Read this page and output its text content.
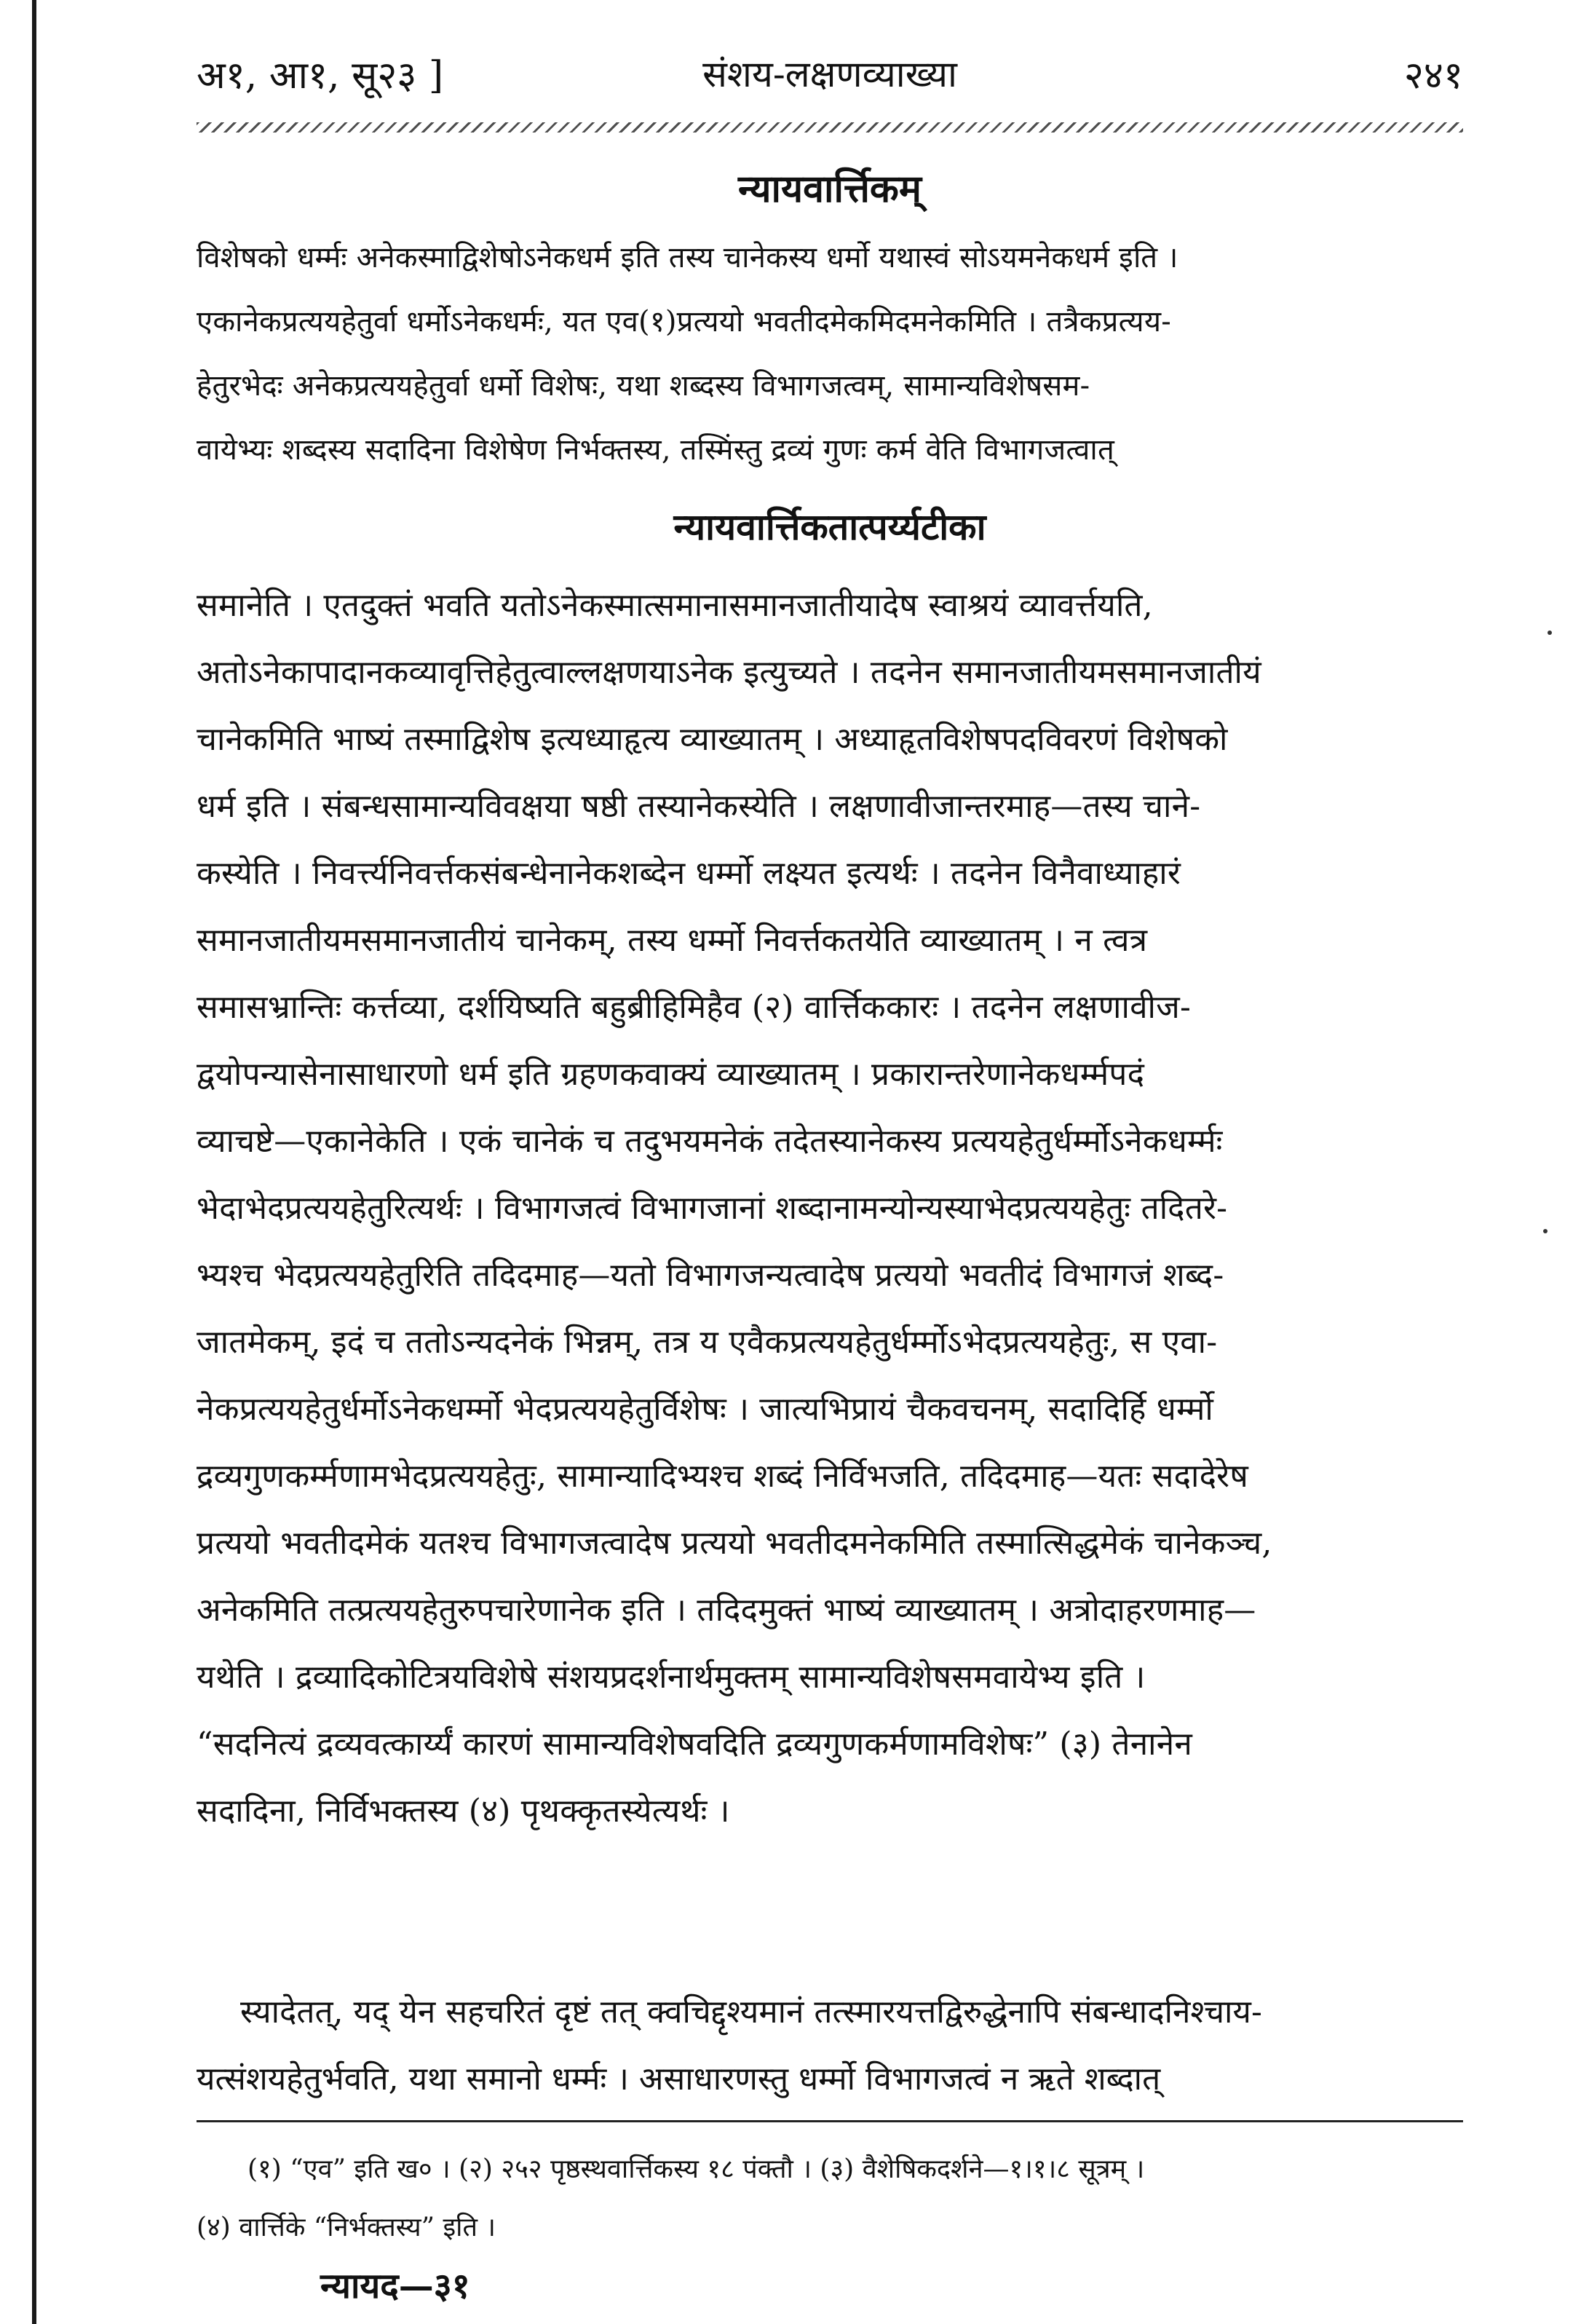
अ१, आ१, सू२३ ]	संशय-लक्षणव्याख्या	२४१
न्यायवार्त्तिकम्
विशेषको धर्म्मः अनेकस्माद्विशेषोऽनेकधर्म इति तस्य चानेकस्य धर्मो यथास्वं सोऽयमनेकधर्म इति ।
एकानेकप्रत्ययहेतुर्वा धर्मोऽनेकधर्मः, यत एव(१)प्रत्ययो भवतीदमेकमिदमनेकमिति । तत्रैकप्रत्यय-
हेतुरभेदः अनेकप्रत्ययहेतुर्वा धर्मो विशेषः, यथा शब्दस्य विभागजत्वम्, सामान्यविशेषसम-
वायेभ्यः शब्दस्य सदादिना विशेषेण निर्भक्तस्य, तस्मिंस्तु द्रव्यं गुणः कर्म वेति विभागजत्वात्
न्यायवार्त्तिकतात्पर्य्यटीका
समानेति । एतदुक्तं भवति यतोऽनेकस्मात्समानासमानजातीयादेष स्वाश्रयं व्यावर्त्तयति,
अतोऽनेकापादानकव्यावृत्तिहेतुत्वाल्लक्षणयाऽनेक इत्युच्यते । तदनेन समानजातीयमसमानजातीयं
चानेकमिति भाष्यं तस्माद्विशेष इत्यध्याहृत्य व्याख्यातम् । अध्याहृतविशेषपदविवरणं विशेषको
धर्म इति । संबन्धसामान्यविवक्षया षष्ठी तस्यानेकस्येति । लक्षणावीजान्तरमाह—तस्य चाने-
कस्येति । निवर्त्त्यनिवर्त्तकसंबन्धेनानेकशब्देन धर्म्मो लक्ष्यत इत्यर्थः । तदनेन विनैवाध्याहारं
समानजातीयमसमानजातीयं चानेकम्, तस्य धर्म्मो निवर्त्तकतयेति व्याख्यातम् । न त्वत्र
समासभ्रान्तिः कर्त्तव्या, दर्शयिष्यति बहुब्रीहिमिहैव (२) वार्त्तिककारः । तदनेन लक्षणावीज-
द्वयोपन्यासेनासाधारणो धर्म इति ग्रहणकवाक्यं व्याख्यातम् । प्रकारान्तरेणानेकधर्म्मपदं
व्याचष्टे—एकानेकेति । एकं चानेकं च तदुभयमनेकं तदेतस्यानेकस्य प्रत्ययहेतुर्धर्म्मोऽनेकधर्म्मः
भेदाभेदप्रत्ययहेतुरित्यर्थः । विभागजत्वं विभागजानां शब्दानामन्योन्यस्याभेदप्रत्ययहेतुः तदितरे-
भ्यश्च भेदप्रत्ययहेतुरिति तदिदमाह—यतो विभागजन्यत्वादेष प्रत्ययो भवतीदं विभागजं शब्द-
जातमेकम्, इदं च ततोऽन्यदनेकं भिन्नम्, तत्र य एवैकप्रत्ययहेतुर्धर्म्मोऽभेदप्रत्ययहेतुः, स एवा-
नेकप्रत्ययहेतुर्धर्मोऽनेकधर्म्मो भेदप्रत्ययहेतुर्विशेषः । जात्यभिप्रायं चैकवचनम्, सदादिर्हि धर्म्मो
द्रव्यगुणकर्म्मणामभेदप्रत्ययहेतुः, सामान्यादिभ्यश्च शब्दं निर्विभजति, तदिदमाह—यतः सदादेरेष
प्रत्ययो भवतीदमेकं यतश्च विभागजत्वादेष प्रत्ययो भवतीदमनेकमिति तस्मात्सिद्धमेकं चानेकञ्च,
अनेकमिति तत्प्रत्ययहेतुरुपचारेणानेक इति । तदिदमुक्तं भाष्यं व्याख्यातम् । अत्रोदाहरणमाह—
यथेति । द्रव्यादिकोटित्रयविशेषे संशयप्रदर्शनार्थमुक्तम् सामान्यविशेषसमवायेभ्य इति ।
“सदनित्यं द्रव्यवत्कार्य्यं कारणं सामान्यविशेषवदिति द्रव्यगुणकर्मणामविशेषः” (३) तेनानेन
सदादिना, निर्विभक्तस्य (४) पृथक्कृतस्येत्यर्थः ।
स्यादेतत्, यद् येन सहचरितं दृष्टं तत् क्वचिद्दृश्यमानं तत्स्मारयत्तद्विरुद्धेनापि संबन्धादनिश्चाय-
यत्संशयहेतुर्भवति, यथा समानो धर्म्मः । असाधारणस्तु धर्म्मो विभागजत्वं न ऋते शब्दात्
(१) “एव” इति ख० । (२) २५२ पृष्ठस्थवार्त्तिकस्य १८ पंक्तौ । (३) वैशेषिकदर्शने—१।१।८ सूत्रम् ।
(४) वार्त्तिके “निर्भक्तस्य” इति ।
न्यायद—३१
